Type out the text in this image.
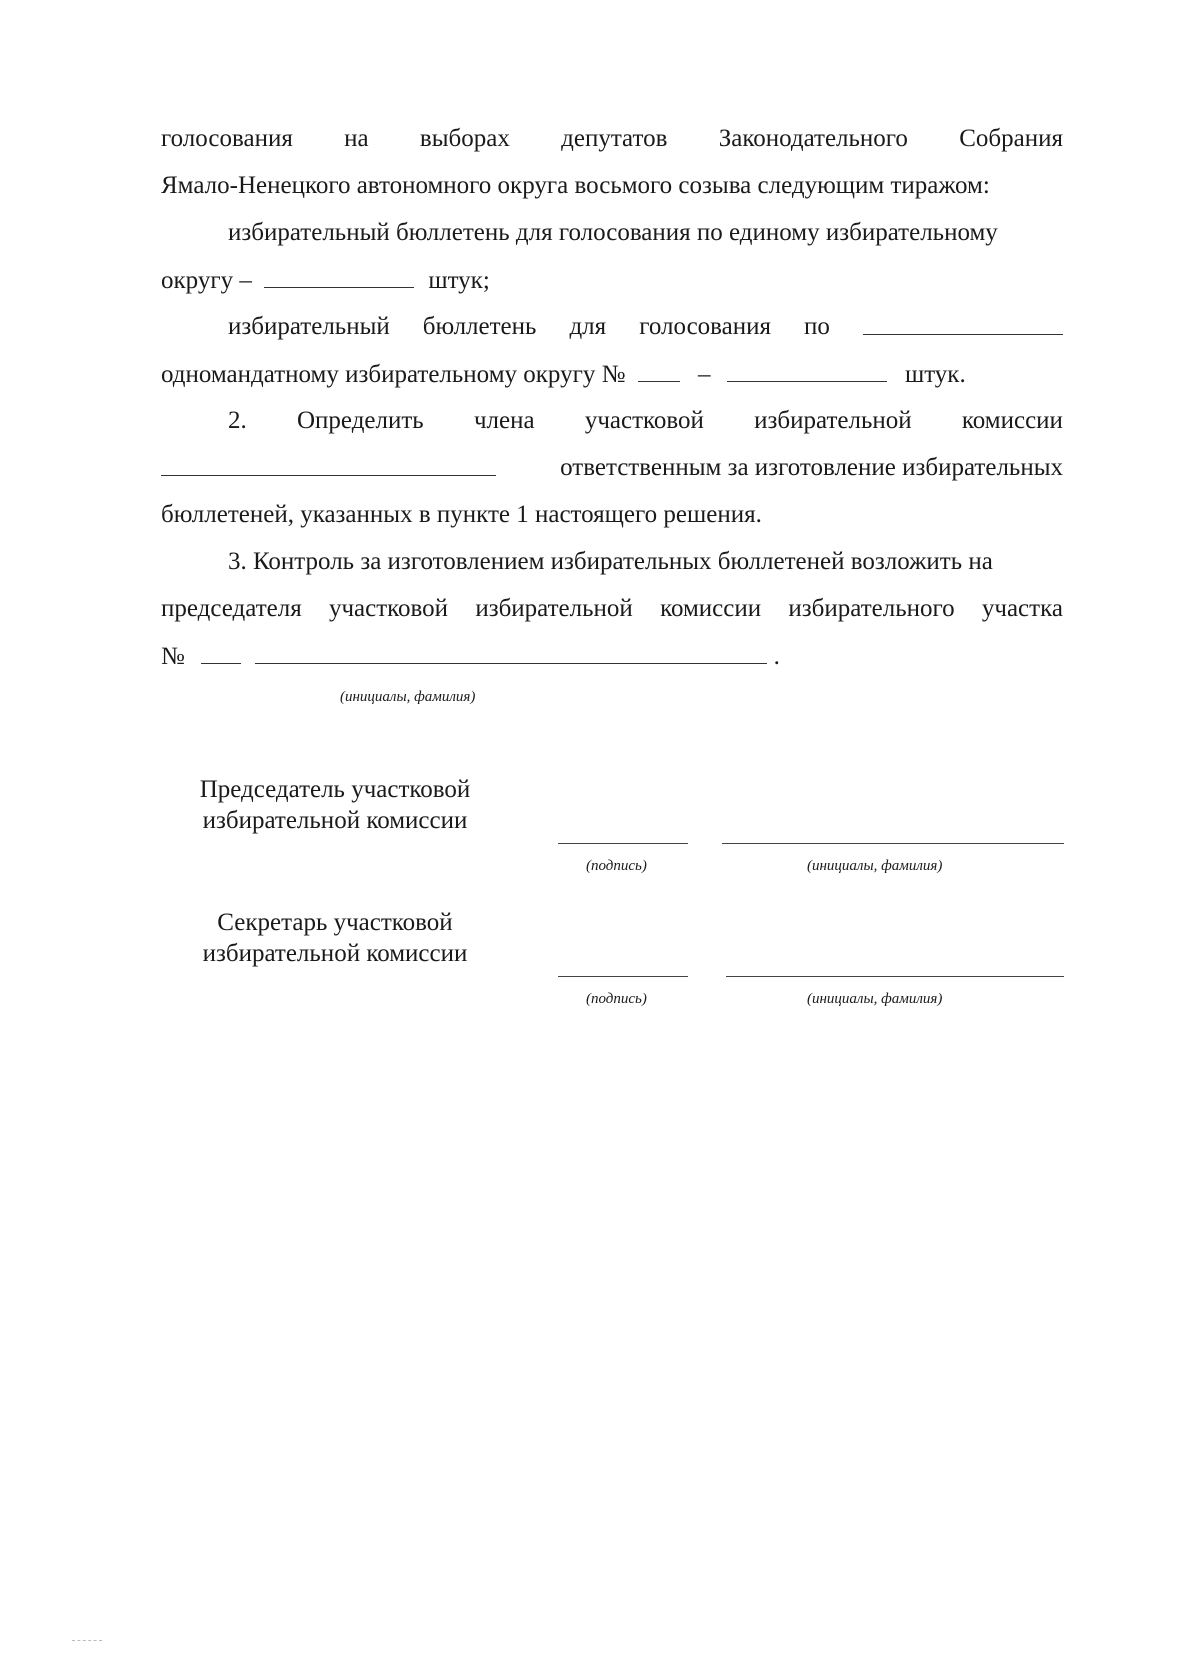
голосования на выборах депутатов Законодательного Собрания
Ямало-Ненецкого автономного округа восьмого созыва следующим тиражом:
избирательный бюллетень для голосования по единому избирательному
округу –	штук;
избирательный бюллетень для голосования по
одномандатному избирательному округу №	–	штук.
2. Определить члена участковой избирательной комиссии
ответственным за изготовление избирательных
бюллетеней, указанных в пункте 1 настоящего решения.
3. Контроль за изготовлением избирательных бюллетеней возложить на
председателя участковой избирательной комиссии избирательного участка
№	.
(инициалы, фамилия)
Председатель участковой
избирательной комиссии
(подпись)	(инициалы, фамилия)
Секретарь участковой
избирательной комиссии
(подпись)	(инициалы, фамилия)
